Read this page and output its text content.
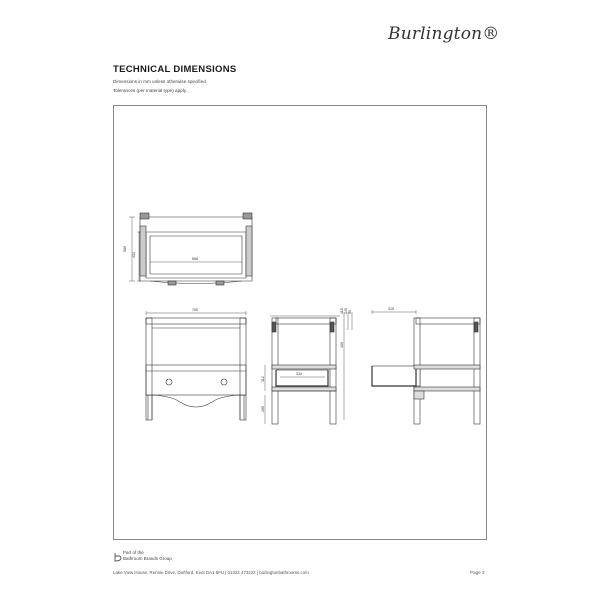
Burlington®
TECHNICAL DIMENSIONS
Dimensions in mm unless otherwise specified.
Tolerances (per material type) apply.
560
434
658
700	115 145 95
400
112
334
265
315
Part of the
Bathroom Brands Group
Lake View House, Rennie Drive, Dartford, Kent DA1 5FU | 01322 473222 | burlingtonbathrooms.com	Page 2
